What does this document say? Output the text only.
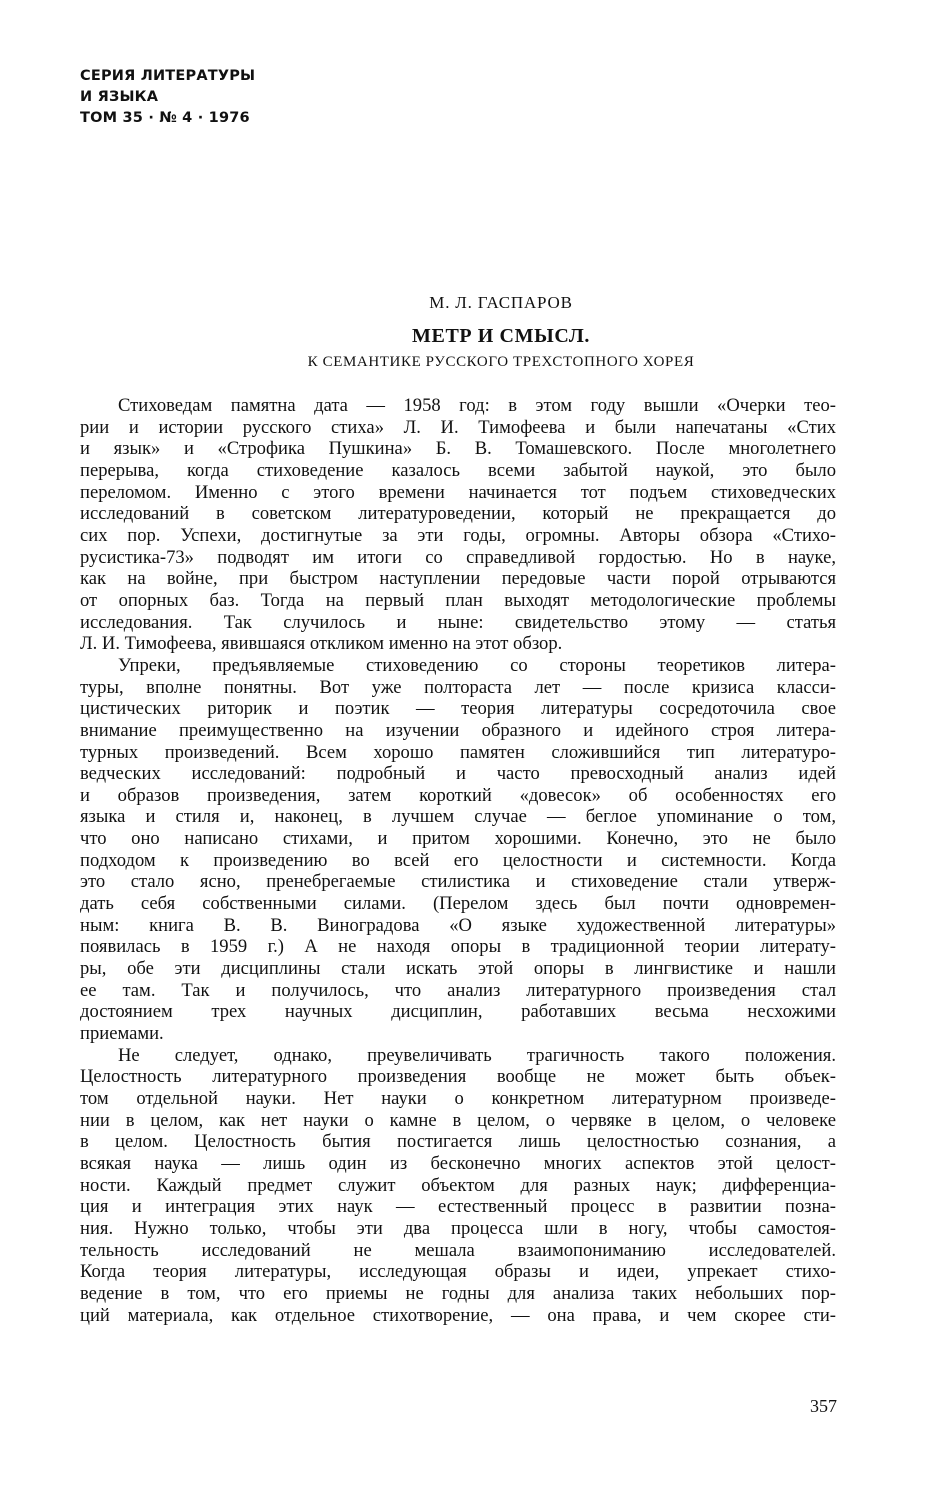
СЕРИЯ ЛИТЕРАТУРЫ
И ЯЗЫКА
ТОМ 35 · № 4 · 1976
М. Л. ГАСПАРОВ
МЕТР И СМЫСЛ.
К СЕМАНТИКЕ РУССКОГО ТРЕХСТОПНОГО ХОРЕЯ
Стиховедам памятна дата — 1958 год: в этом году вышли «Очерки тео-
рии и истории русского стиха» Л. И. Тимофеева и были напечатаны «Стих
и язык» и «Строфика Пушкина» Б. В. Томашевского. После многолетнего
перерыва, когда стиховедение казалось всеми забытой наукой, это было
переломом. Именно с этого времени начинается тот подъем стиховедческих
исследований в советском литературоведении, который не прекращается до
сих пор. Успехи, достигнутые за эти годы, огромны. Авторы обзора «Стихо-
русистика-73» подводят им итоги со справедливой гордостью. Но в науке,
как на войне, при быстром наступлении передовые части порой отрываются
от опорных баз. Тогда на первый план выходят методологические проблемы
исследования. Так случилось и ныне: свидетельство этому — статья
Л. И. Тимофеева, явившаяся откликом именно на этот обзор.
Упреки, предъявляемые стиховедению со стороны теоретиков литера-
туры, вполне понятны. Вот уже полтораста лет — после кризиса класси-
цистических риторик и поэтик — теория литературы сосредоточила свое
внимание преимущественно на изучении образного и идейного строя литера-
турных произведений. Всем хорошо памятен сложившийся тип литературо-
ведческих исследований: подробный и часто превосходный анализ идей
и образов произведения, затем короткий «довесок» об особенностях его
языка и стиля и, наконец, в лучшем случае — беглое упоминание о том,
что оно написано стихами, и притом хорошими. Конечно, это не было
подходом к произведению во всей его целостности и системности. Когда
это стало ясно, пренебрегаемые стилистика и стиховедение стали утверж-
дать себя собственными силами. (Перелом здесь был почти одновремен-
ным: книга В. В. Виноградова «О языке художественной литературы»
появилась в 1959 г.) А не находя опоры в традиционной теории литерату-
ры, обе эти дисциплины стали искать этой опоры в лингвистике и нашли
ее там. Так и получилось, что анализ литературного произведения стал
достоянием трех научных дисциплин, работавших весьма несхожими
приемами.
Не следует, однако, преувеличивать трагичность такого положения.
Целостность литературного произведения вообще не может быть объек-
том отдельной науки. Нет науки о конкретном литературном произведе-
нии в целом, как нет науки о камне в целом, о червяке в целом, о человеке
в целом. Целостность бытия постигается лишь целостностью сознания, а
всякая наука — лишь один из бесконечно многих аспектов этой целост-
ности. Каждый предмет служит объектом для разных наук; дифференциа-
ция и интеграция этих наук — естественный процесс в развитии позна-
ния. Нужно только, чтобы эти два процесса шли в ногу, чтобы самостоя-
тельность исследований не мешала взаимопониманию исследователей.
Когда теория литературы, исследующая образы и идеи, упрекает стихо-
ведение в том, что его приемы не годны для анализа таких небольших пор-
ций материала, как отдельное стихотворение, — она права, и чем скорее сти-
357
